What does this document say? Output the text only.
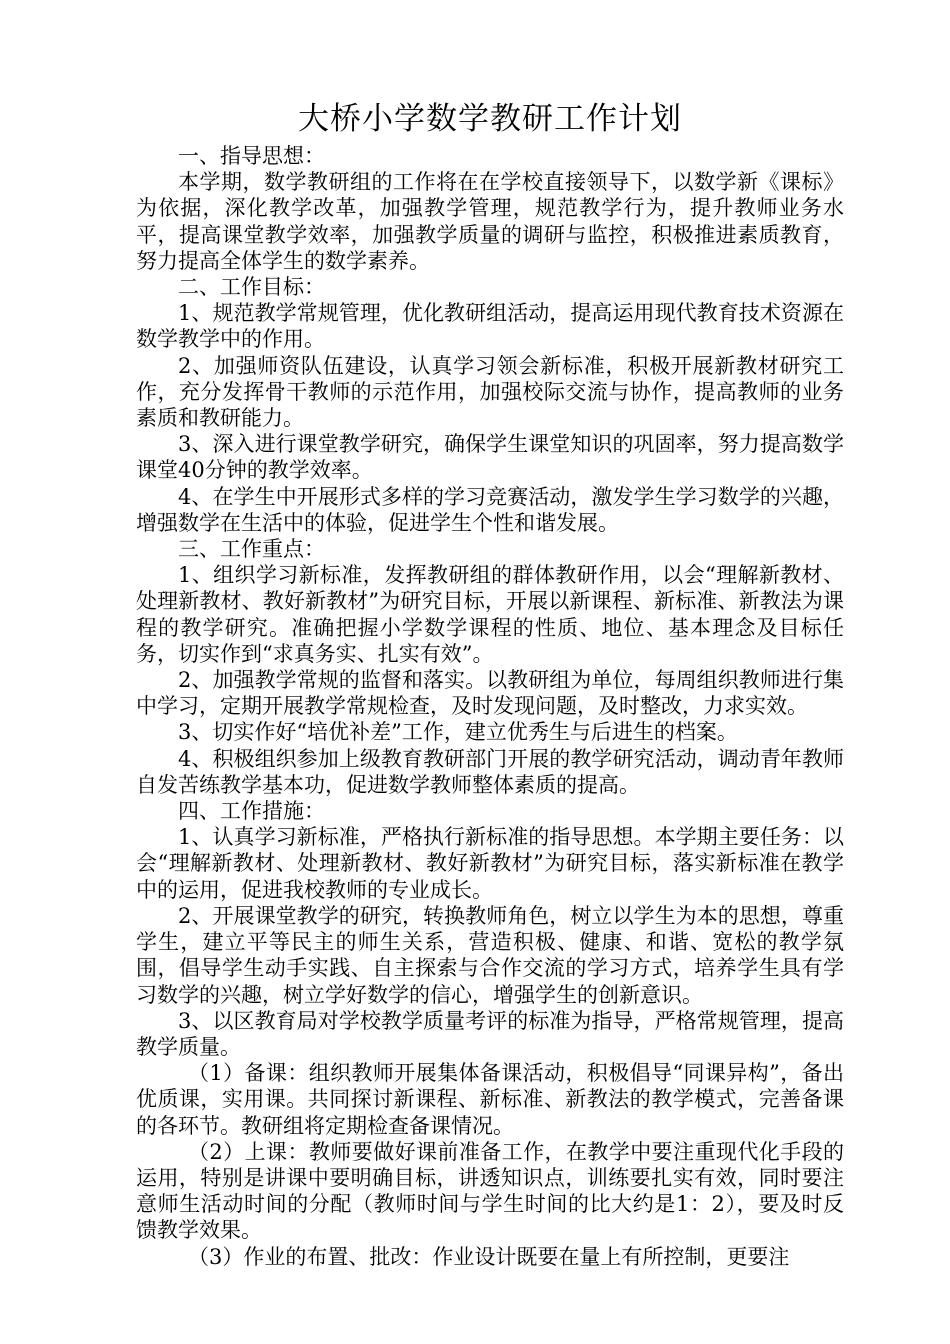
大桥小学数学教研工作计划

一、指导思想：

本学期，数学教研组的工作将在在学校直接领导下，以数学新《课标》为依据，深化教学改革，加强教学管理，规范教学行为，提升教师业务水平，提高课堂教学效率，加强教学质量的调研与监控，积极推进素质教育，努力提高全体学生的数学素养。

二、工作目标：

1、规范教学常规管理，优化教研组活动，提高运用现代教育技术资源在数学教学中的作用。

2、加强师资队伍建设，认真学习领会新标准，积极开展新教材研究工作，充分发挥骨干教师的示范作用，加强校际交流与协作，提高教师的业务素质和教研能力。

3、深入进行课堂教学研究，确保学生课堂知识的巩固率，努力提高数学课堂40分钟的教学效率。

4、在学生中开展形式多样的学习竞赛活动，激发学生学习数学的兴趣，增强数学在生活中的体验，促进学生个性和谐发展。

三、工作重点：

1、组织学习新标准，发挥教研组的群体教研作用，以会“理解新教材、处理新教材、教好新教材”为研究目标，开展以新课程、新标准、新教法为课程的教学研究。准确把握小学数学课程的性质、地位、基本理念及目标任务，切实作到“求真务实、扎实有效”。

2、加强教学常规的监督和落实。以教研组为单位，每周组织教师进行集中学习，定期开展教学常规检查，及时发现问题，及时整改，力求实效。

3、切实作好“培优补差”工作，建立优秀生与后进生的档案。

4、积极组织参加上级教育教研部门开展的教学研究活动，调动青年教师自发苦练教学基本功，促进数学教师整体素质的提高。

四、工作措施：

1、认真学习新标准，严格执行新标准的指导思想。本学期主要任务：以会“理解新教材、处理新教材、教好新教材”为研究目标，落实新标准在教学中的运用，促进我校教师的专业成长。

2、开展课堂教学的研究，转换教师角色，树立以学生为本的思想，尊重学生，建立平等民主的师生关系，营造积极、健康、和谐、宽松的教学氛围，倡导学生动手实践、自主探索与合作交流的学习方式，培养学生具有学习数学的兴趣，树立学好数学的信心，增强学生的创新意识。

3、以区教育局对学校教学质量考评的标准为指导，严格常规管理，提高教学质量。

（1）备课：组织教师开展集体备课活动，积极倡导“同课异构”，备出优质课，实用课。共同探讨新课程、新标准、新教法的教学模式，完善备课的各环节。教研组将定期检查备课情况。

（2）上课：教师要做好课前准备工作，在教学中要注重现代化手段的运用，特别是讲课中要明确目标，讲透知识点，训练要扎实有效，同时要注意师生活动时间的分配（教师时间与学生时间的比大约是1：2），要及时反馈教学效果。

（3）作业的布置、批改：作业设计既要在量上有所控制，更要注
